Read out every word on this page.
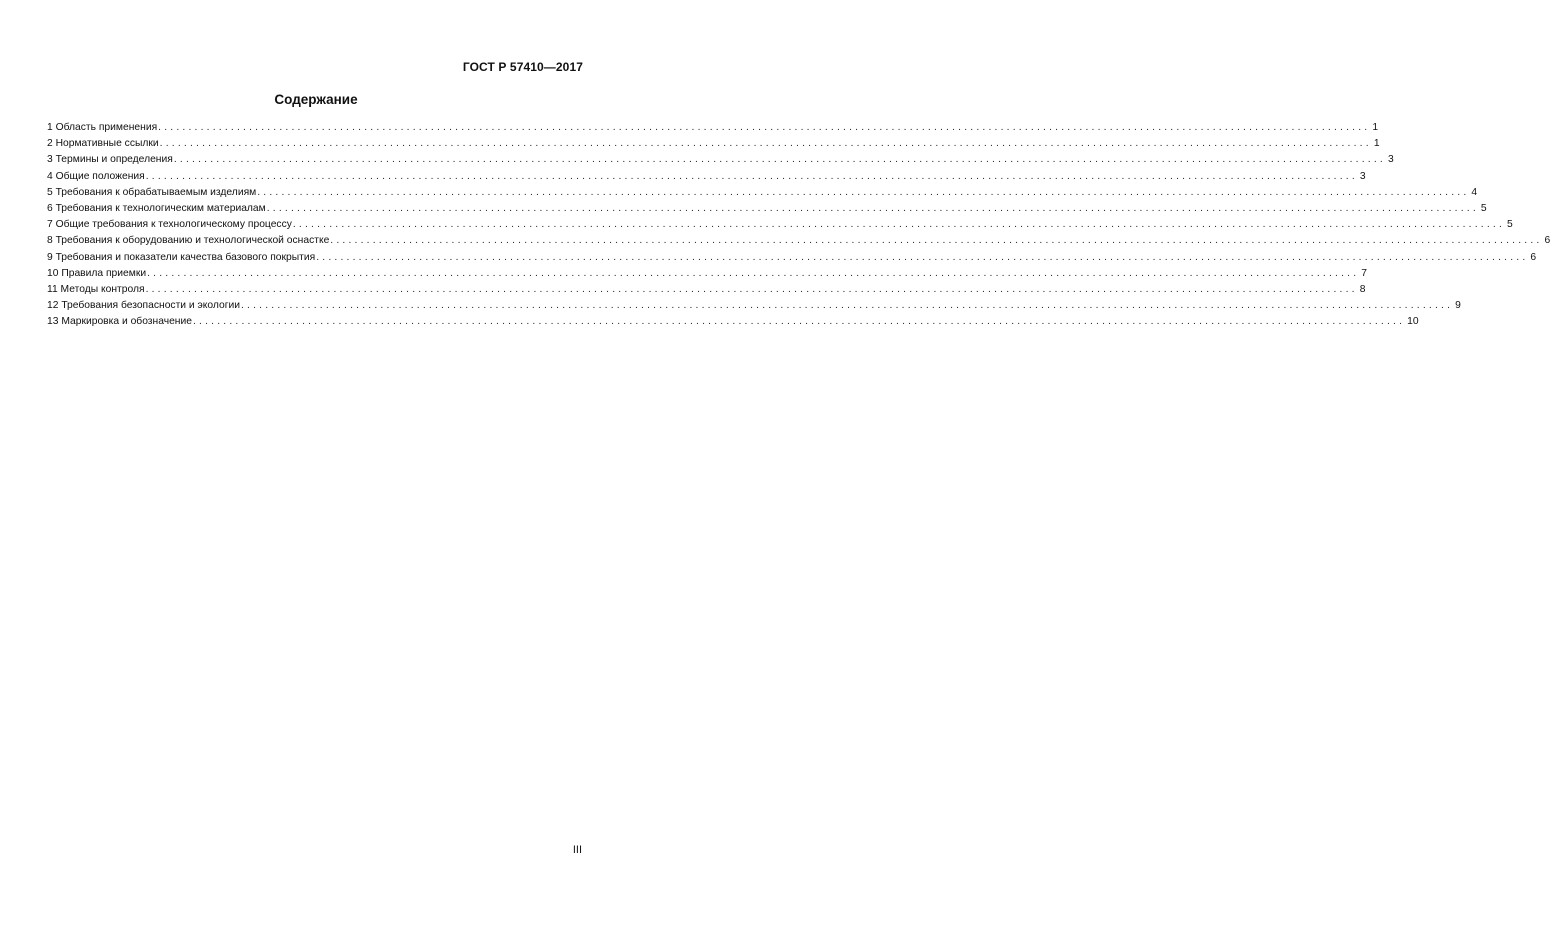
ГОСТ Р 57410—2017
Содержание
1 Область применения ........................................................................................................................................................................................................ 1
2 Нормативные ссылки ........................................................................................................................................................................................................ 1
3 Термины и определения ........................................................................................................................................................................................................ 3
4 Общие положения ........................................................................................................................................................................................................ 3
5 Требования к обрабатываемым изделиям ........................................................................................................................................................................................................ 4
6 Требования к технологическим материалам ........................................................................................................................................................................................................ 5
7 Общие требования к технологическому процессу ........................................................................................................................................................................................................ 5
8 Требования к оборудованию и технологической оснастке ........................................................................................................................................................................................................ 6
9 Требования и показатели качества базового покрытия ........................................................................................................................................................................................................ 6
10 Правила приемки ........................................................................................................................................................................................................ 7
11 Методы контроля ........................................................................................................................................................................................................ 8
12 Требования безопасности и экологии ........................................................................................................................................................................................................ 9
13 Маркировка и обозначение ........................................................................................................................................................................................................ 10
III
